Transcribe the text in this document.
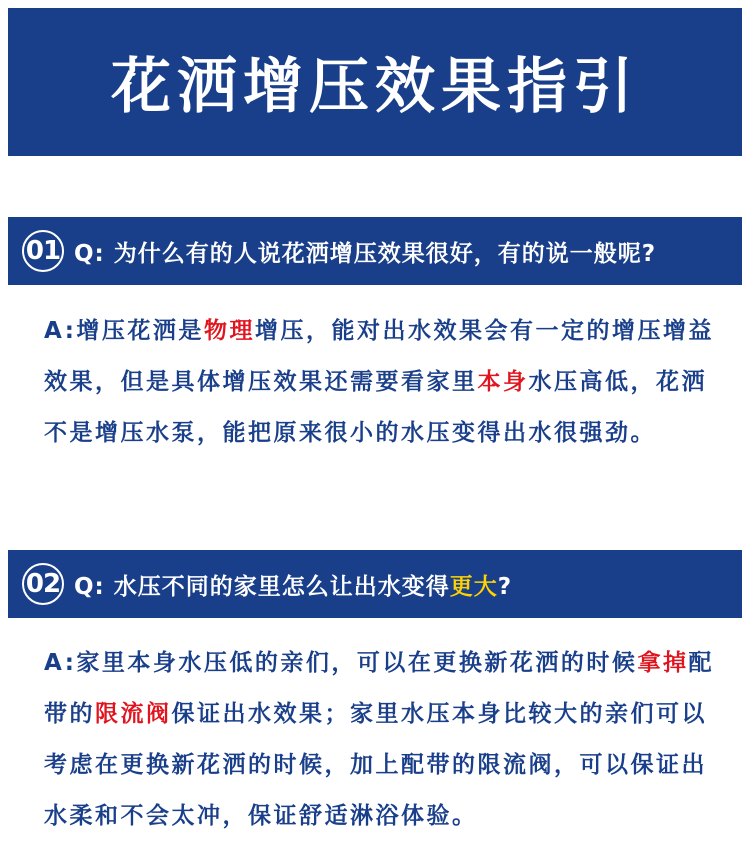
花洒增压效果指引
01 Q: 为什么有的人说花洒增压效果很好，有的说一般呢?
A:增压花洒是物理增压，能对出水效果会有一定的增压增益效果，但是具体增压效果还需要看家里本身水压高低，花洒不是增压水泵，能把原来很小的水压变得出水很强劲。
02 Q: 水压不同的家里怎么让出水变得更大?
A:家里本身水压低的亲们，可以在更换新花洒的时候拿掉配带的限流阀保证出水效果；家里水压本身比较大的亲们可以考虑在更换新花洒的时候，加上配带的限流阀，可以保证出水柔和不会太冲，保证舒适淋浴体验。
